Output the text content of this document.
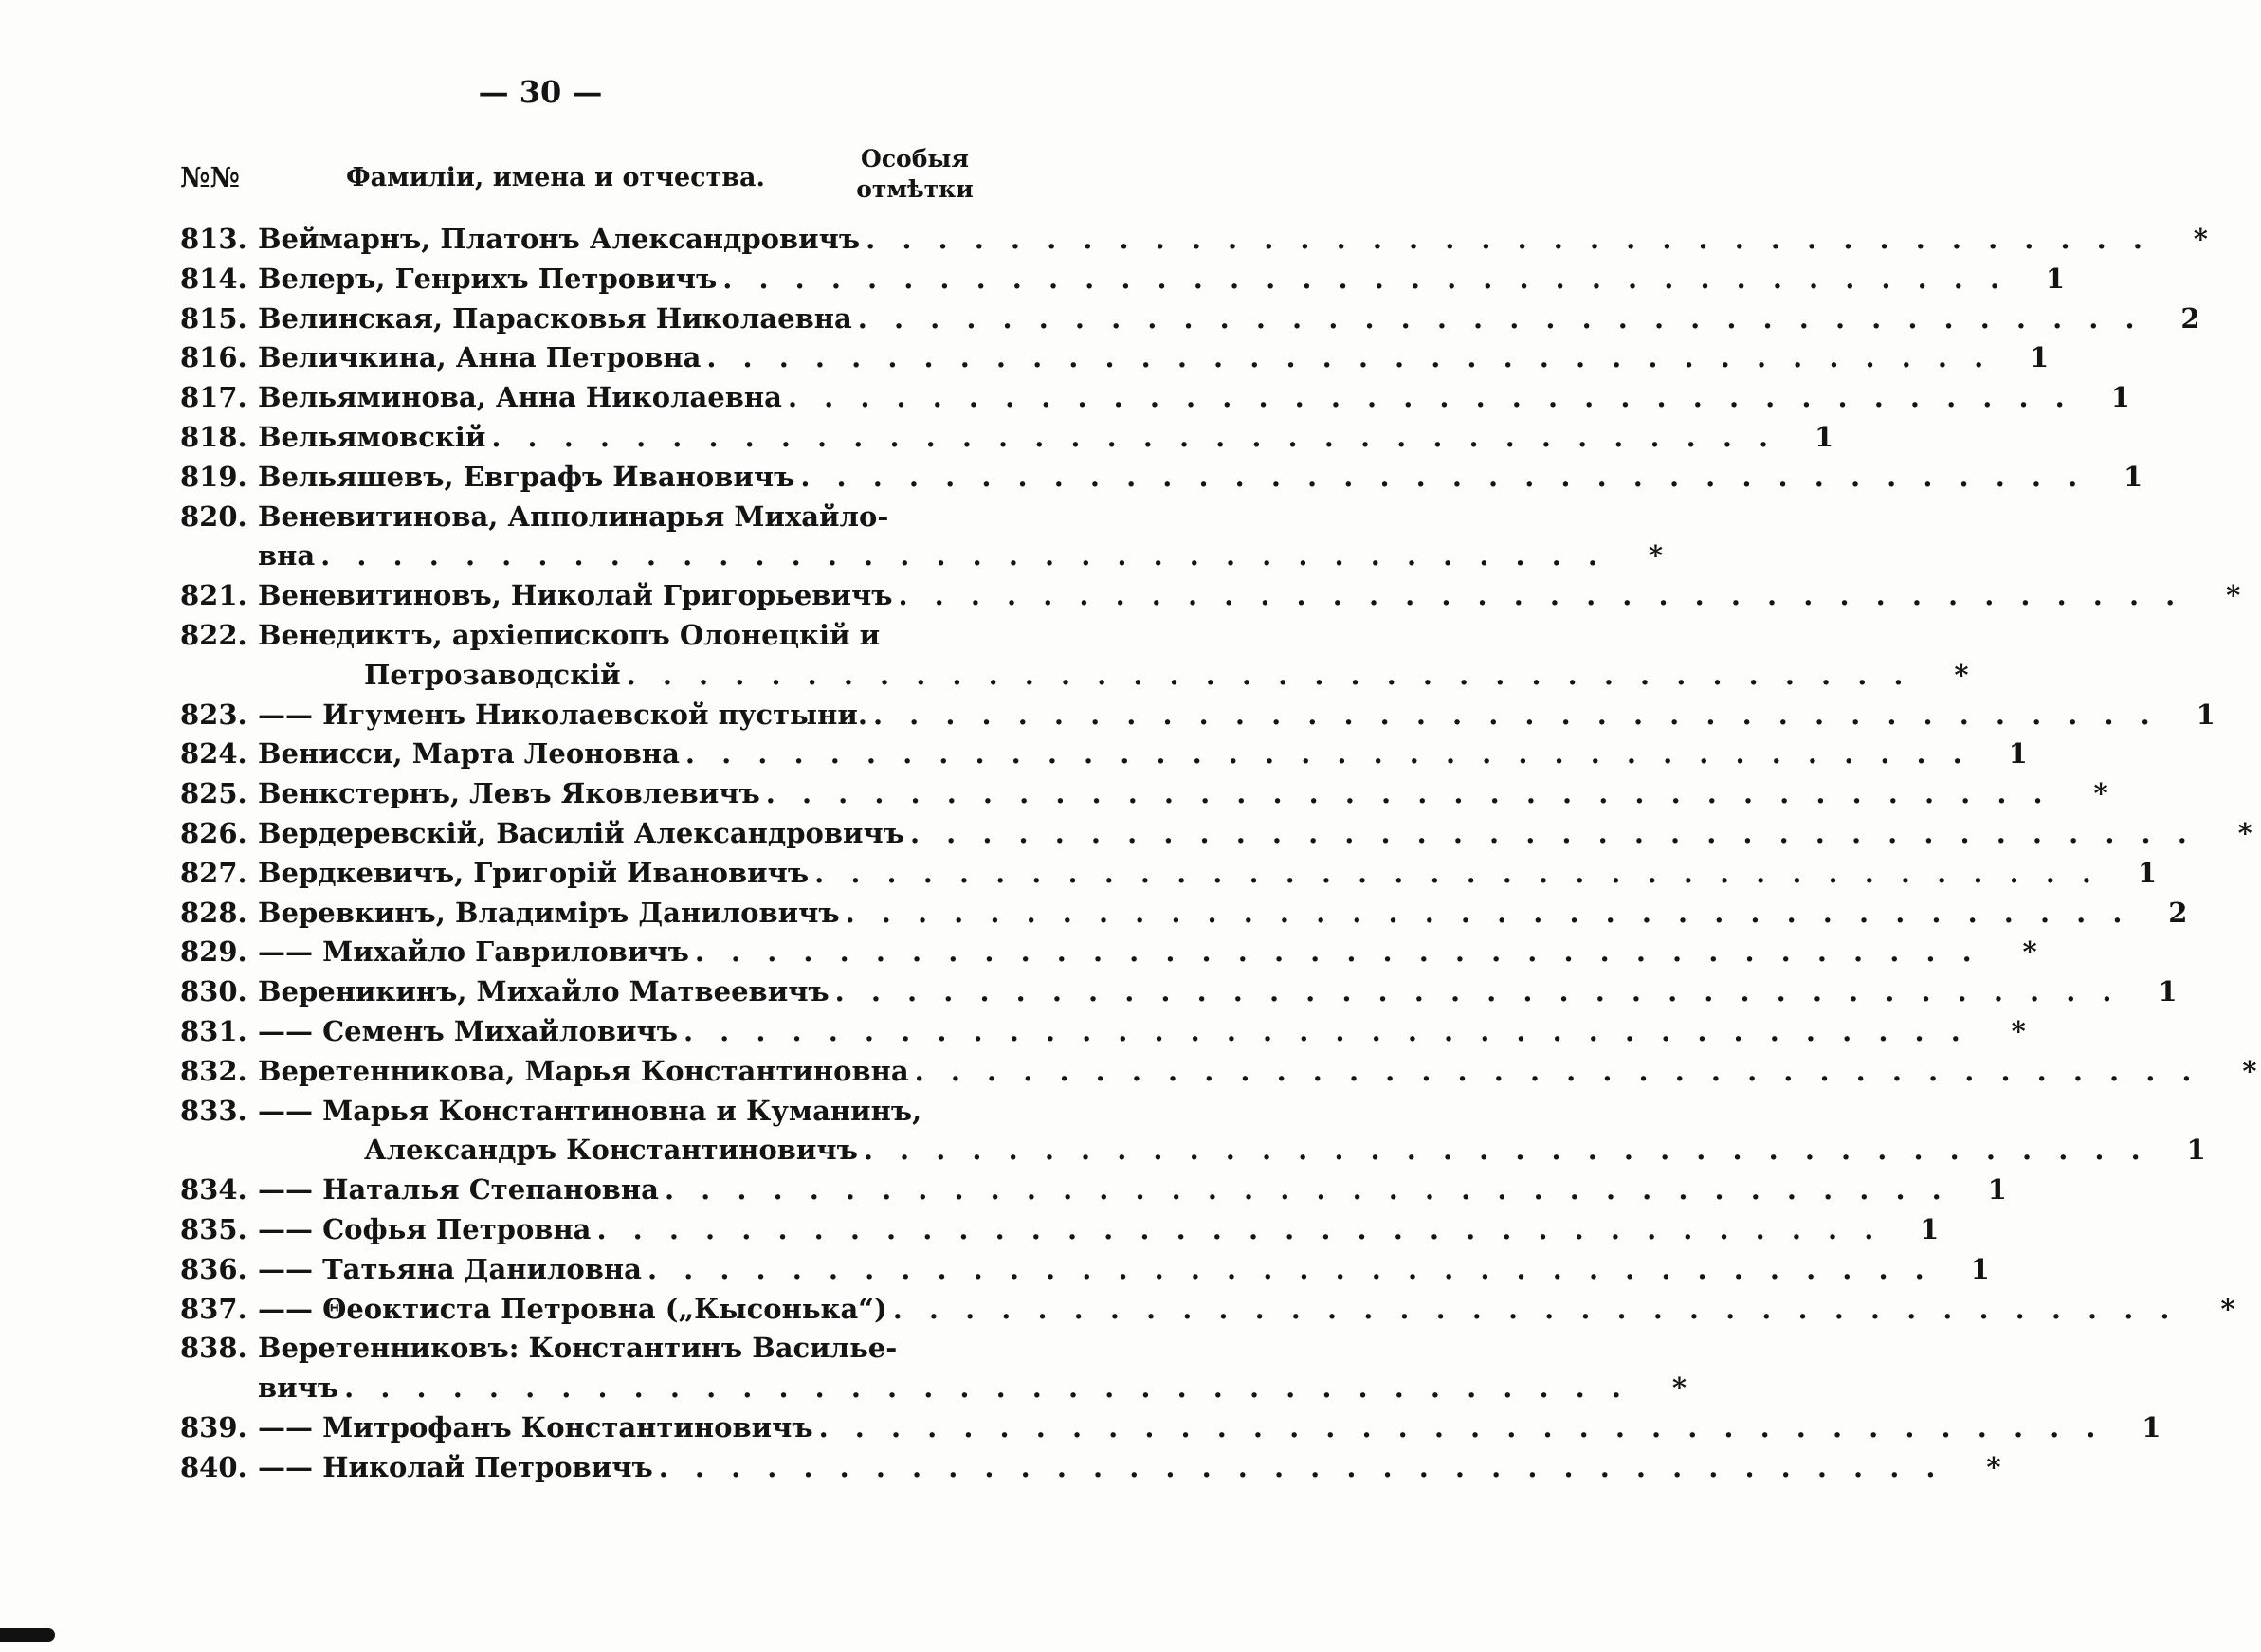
— 30 —
№№	Фамиліи, имена и отчества.
Особыя
отмѣтки
813. Веймарнъ, Платонъ Александровичъ . . . . . . . . . . . . . . . . . . . . . . . . . . . . . . . . . . . .	*
814. Велеръ, Генрихъ Петровичъ . . . . . . . . . . . . . . . . . . . . . . . . . . . . . . . . . . . .	1
815. Велинская, Парасковья Николаевна . . . . . . . . . . . . . . . . . . . . . . . . . . . . . . . . . . . .	2
816. Величкина, Анна Петровна . . . . . . . . . . . . . . . . . . . . . . . . . . . . . . . . . . . .	1
817. Вельяминова, Анна Николаевна . . . . . . . . . . . . . . . . . . . . . . . . . . . . . . . . . . . .	1
818. Вельямовскій . . . . . . . . . . . . . . . . . . . . . . . . . . . . . . . . . . . .	1
819. Вельяшевъ, Евграфъ Ивановичъ . . . . . . . . . . . . . . . . . . . . . . . . . . . . . . . . . . . .	1
820. Веневитинова, Апполинарья Михайло-
вна . . . . . . . . . . . . . . . . . . . . . . . . . . . . . . . . . . . .	*
821. Веневитиновъ, Николай Григорьевичъ . . . . . . . . . . . . . . . . . . . . . . . . . . . . . . . . . . . .	*
822. Венедиктъ, архіепископъ Олонецкій и
Петрозаводскій . . . . . . . . . . . . . . . . . . . . . . . . . . . . . . . . . . . .	*
823. —— Игуменъ Николаевской пустыни. . . . . . . . . . . . . . . . . . . . . . . . . . . . . . . . . . . . .	1
824. Венисси, Марта Леоновна . . . . . . . . . . . . . . . . . . . . . . . . . . . . . . . . . . . .	1
825. Венкстернъ, Левъ Яковлевичъ . . . . . . . . . . . . . . . . . . . . . . . . . . . . . . . . . . . .	*
826. Вердеревскій, Василій Александровичъ . . . . . . . . . . . . . . . . . . . . . . . . . . . . . . . . . . . .	*
827. Вердкевичъ, Григорій Ивановичъ . . . . . . . . . . . . . . . . . . . . . . . . . . . . . . . . . . . .	1
828. Веревкинъ, Владиміръ Даниловичъ . . . . . . . . . . . . . . . . . . . . . . . . . . . . . . . . . . . .	2
829. —— Михайло Гавриловичъ . . . . . . . . . . . . . . . . . . . . . . . . . . . . . . . . . . . .	*
830. Вереникинъ, Михайло Матвеевичъ . . . . . . . . . . . . . . . . . . . . . . . . . . . . . . . . . . . .	1
831. —— Семенъ Михайловичъ . . . . . . . . . . . . . . . . . . . . . . . . . . . . . . . . . . . .	*
832. Веретенникова, Марья Константиновна . . . . . . . . . . . . . . . . . . . . . . . . . . . . . . . . . . . .	*
833. —— Марья Константиновна и Куманинъ,
Александръ Константиновичъ . . . . . . . . . . . . . . . . . . . . . . . . . . . . . . . . . . . .	1
834. —— Наталья Степановна . . . . . . . . . . . . . . . . . . . . . . . . . . . . . . . . . . . .	1
835. —— Софья Петровна . . . . . . . . . . . . . . . . . . . . . . . . . . . . . . . . . . . .	1
836. —— Татьяна Даниловна . . . . . . . . . . . . . . . . . . . . . . . . . . . . . . . . . . . .	1
837. —— Θеоктиста Петровна („Кысонька“) . . . . . . . . . . . . . . . . . . . . . . . . . . . . . . . . . . . .	*
838. Веретенниковъ: Константинъ Василье-
вичъ . . . . . . . . . . . . . . . . . . . . . . . . . . . . . . . . . . . .	*
839. —— Митрофанъ Константиновичъ . . . . . . . . . . . . . . . . . . . . . . . . . . . . . . . . . . . .	1
840. —— Николай Петровичъ . . . . . . . . . . . . . . . . . . . . . . . . . . . . . . . . . . . .	*
